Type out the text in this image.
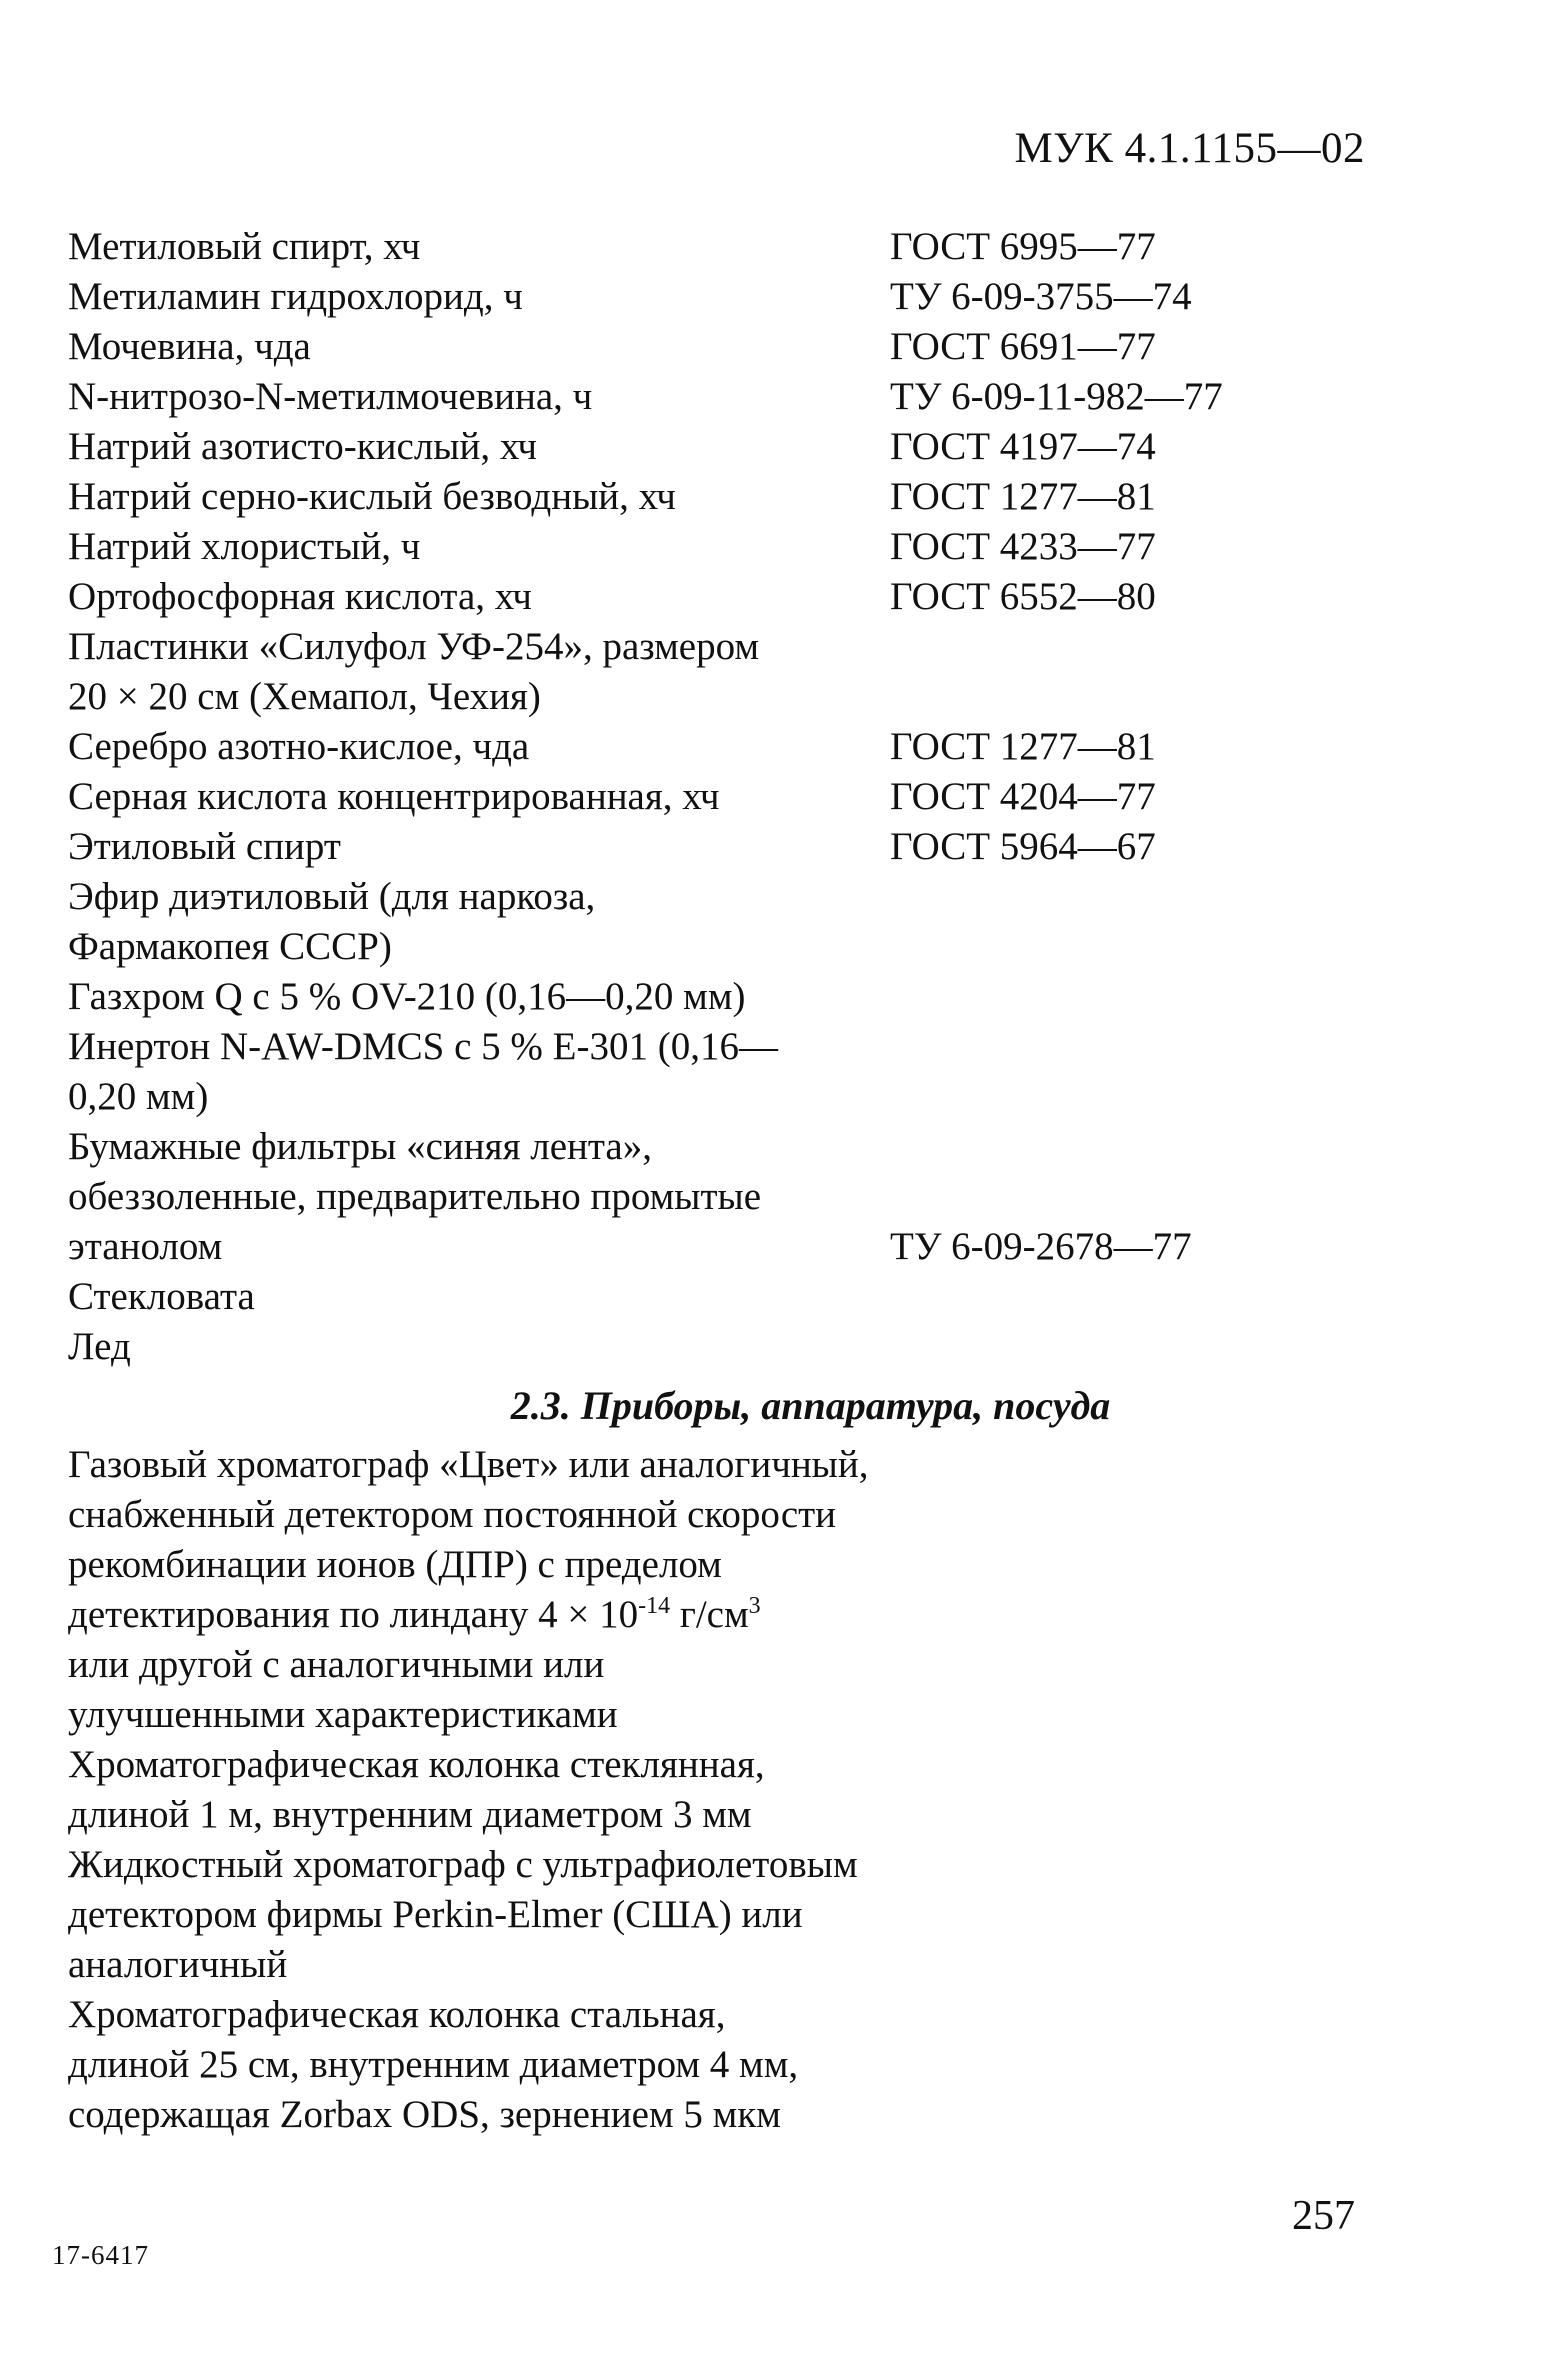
МУК 4.1.1155—02
Метиловый спирт, хч	ГОСТ 6995—77
Метиламин гидрохлорид, ч	ТУ 6-09-3755—74
Мочевина, чда	ГОСТ 6691—77
N-нитрозо-N-метилмочевина, ч	ТУ 6-09-11-982—77
Натрий азотисто-кислый, хч	ГОСТ 4197—74
Натрий серно-кислый безводный, хч	ГОСТ 1277—81
Натрий хлористый, ч	ГОСТ 4233—77
Ортофосфорная кислота, хч	ГОСТ 6552—80
Пластинки «Силуфол УФ-254», размером
20 × 20 см (Хемапол, Чехия)
Серебро азотно-кислое, чда	ГОСТ 1277—81
Серная кислота концентрированная, хч	ГОСТ 4204—77
Этиловый спирт	ГОСТ 5964—67
Эфир диэтиловый (для наркоза,
Фармакопея СССР)
Газхром Q с 5 % OV-210 (0,16—0,20 мм)
Инертон N-AW-DMCS с 5 % E-301 (0,16—
0,20 мм)
Бумажные фильтры «синяя лента»,
обеззоленные, предварительно промытые
этанолом	ТУ 6-09-2678—77
Стекловата
Лед
2.3. Приборы, аппаратура, посуда
Газовый хроматограф «Цвет» или аналогичный,
снабженный детектором постоянной скорости
рекомбинации ионов (ДПР) с пределом
детектирования по линдану $4 \times 10^{-14}$ $г/см^3$
или другой с аналогичными или
улучшенными характеристиками
Хроматографическая колонка стеклянная,
длиной 1 м, внутренним диаметром 3 мм
Жидкостный хроматограф с ультрафиолетовым
детектором фирмы Perkin-Elmer (США) или
аналогичный
Хроматографическая колонка стальная,
длиной 25 см, внутренним диаметром 4 мм,
содержащая Zorbax ODS, зернением 5 мкм
257
17-6417
